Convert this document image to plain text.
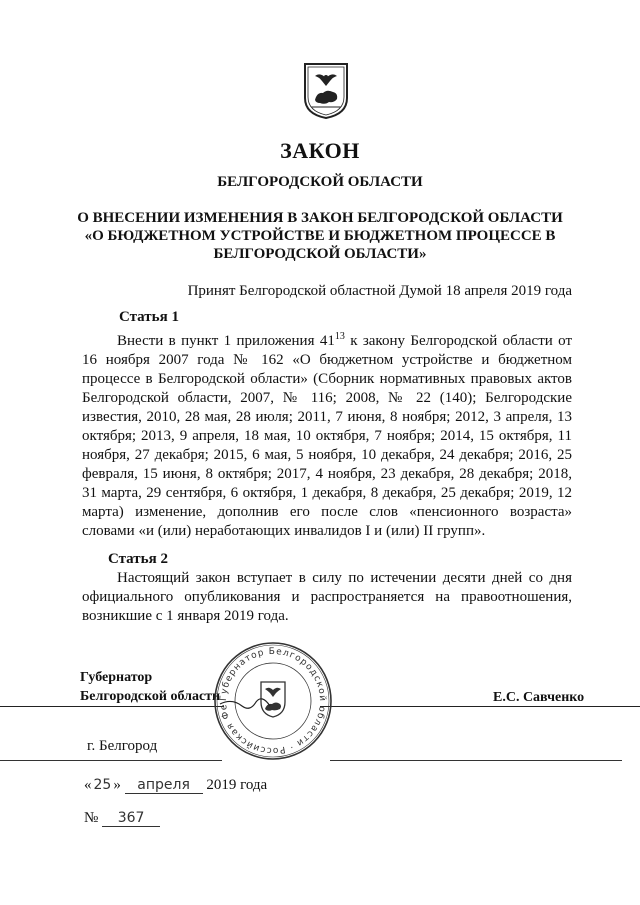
ЗАКОН
БЕЛГОРОДСКОЙ ОБЛАСТИ
О ВНЕСЕНИИ ИЗМЕНЕНИЯ В ЗАКОН БЕЛГОРОДСКОЙ ОБЛАСТИ
«О БЮДЖЕТНОМ УСТРОЙСТВЕ И БЮДЖЕТНОМ ПРОЦЕССЕ В
БЕЛГОРОДСКОЙ ОБЛАСТИ»
Принят Белгородской областной Думой 18 апреля 2019 года
Статья 1
Внести в пункт 1 приложения $41^{13}$ к закону Белгородской области от 16 ноября 2007 года № 162 «О бюджетном устройстве и бюджетном процессе в Белгородской области» (Сборник нормативных правовых актов Белгородской области, 2007, № 116; 2008, № 22 (140); Белгородские известия, 2010, 28 мая, 28 июля; 2011, 7 июня, 8 ноября; 2012, 3 апреля, 13 октября; 2013, 9 апреля, 18 мая, 10 октября, 7 ноября; 2014, 15 октября, 11 ноября, 27 декабря; 2015, 6 мая, 5 ноября, 10 декабря, 24 декабря; 2016, 25 февраля, 15 июня, 8 октября; 2017, 4 ноября, 23 декабря, 28 декабря; 2018, 31 марта, 29 сентября, 6 октября, 1 декабря, 8 декабря, 25 декабря; 2019, 12 марта) изменение, дополнив его после слов «пенсионного возраста» словами «и (или) неработающих инвалидов I и (или) II групп».
Статья 2
Настоящий закон вступает в силу по истечении десяти дней со дня официального опубликования и распространяется на правоотношения, возникшие с 1 января 2019 года.
Губернатор
Белгородской области	Е.С. Савченко
Губернатор Белгородской области · Российская Фе
г. Белгород
« 25 » апреля 2019 года
№ 367
